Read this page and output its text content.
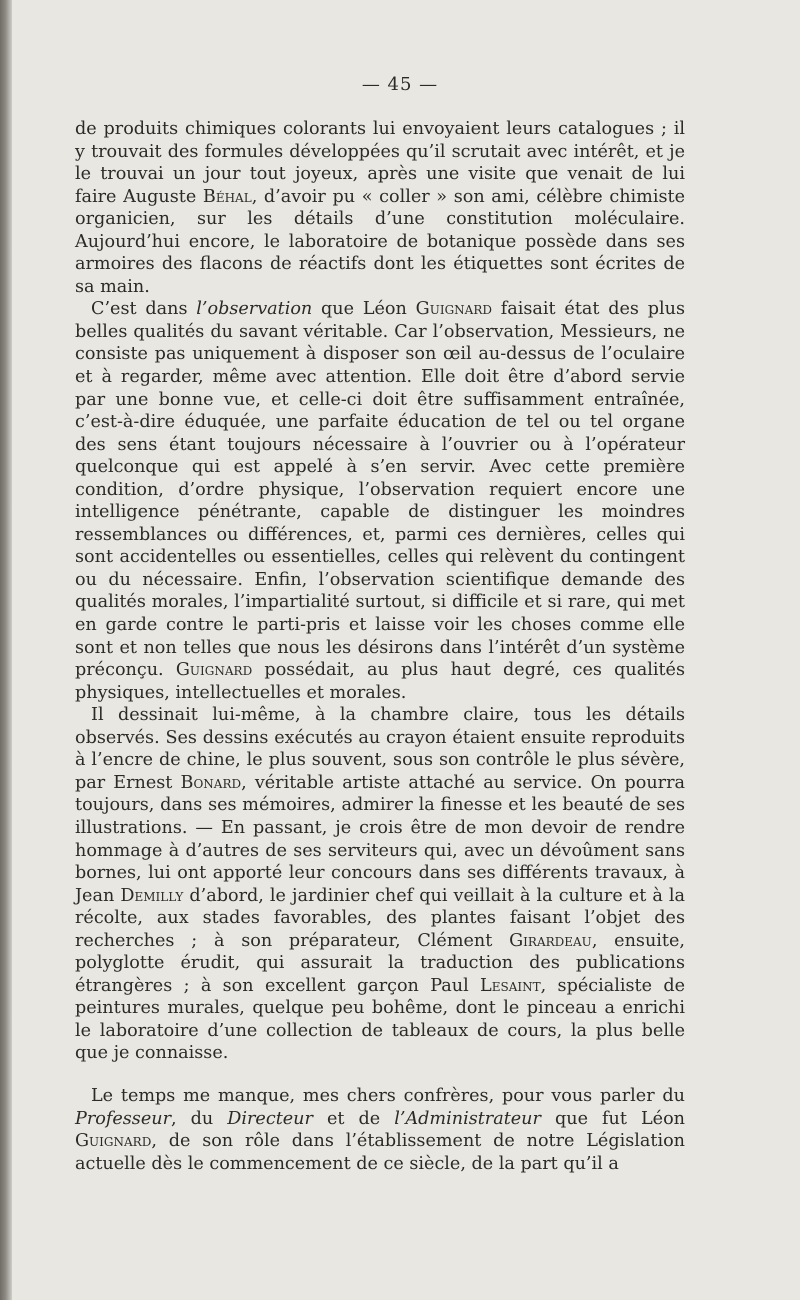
— 45 —

de produits chimiques colorants lui envoyaient leurs catalogues ; il y trouvait des formules développées qu’il scrutait avec intérêt, et je le trouvai un jour tout joyeux, après une visite que venait de lui faire Auguste Béhal, d’avoir pu « coller » son ami, célèbre chimiste organicien, sur les détails d’une constitution moléculaire. Aujourd’hui encore, le laboratoire de botanique possède dans ses armoires des flacons de réactifs dont les étiquettes sont écrites de sa main.

C’est dans l’observation que Léon Guignard faisait état des plus belles qualités du savant véritable. Car l’observation, Messieurs, ne consiste pas uniquement à disposer son œil au-dessus de l’oculaire et à regarder, même avec attention. Elle doit être d’abord servie par une bonne vue, et celle-ci doit être suffisamment entraînée, c’est-à-dire éduquée, une parfaite éducation de tel ou tel organe des sens étant toujours nécessaire à l’ouvrier ou à l’opérateur quelconque qui est appelé à s’en servir. Avec cette première condition, d’ordre physique, l’observation requiert encore une intelligence pénétrante, capable de distinguer les moindres ressemblances ou différences, et, parmi ces dernières, celles qui sont accidentelles ou essentielles, celles qui relèvent du contingent ou du nécessaire. Enfin, l’observation scientifique demande des qualités morales, l’impartialité surtout, si difficile et si rare, qui met en garde contre le parti-pris et laisse voir les choses comme elle sont et non telles que nous les désirons dans l’intérêt d’un système préconçu. Guignard possédait, au plus haut degré, ces qualités physiques, intellectuelles et morales.

Il dessinait lui-même, à la chambre claire, tous les détails observés. Ses dessins exécutés au crayon étaient ensuite reproduits à l’encre de chine, le plus souvent, sous son contrôle le plus sévère, par Ernest Bonard, véritable artiste attaché au service. On pourra toujours, dans ses mémoires, admirer la finesse et les beauté de ses illustrations. — En passant, je crois être de mon devoir de rendre hommage à d’autres de ses serviteurs qui, avec un dévoûment sans bornes, lui ont apporté leur concours dans ses différents travaux, à Jean Demilly d’abord, le jardinier chef qui veillait à la culture et à la récolte, aux stades favorables, des plantes faisant l’objet des recherches ; à son préparateur, Clément Girardeau, ensuite, polyglotte érudit, qui assurait la traduction des publications étrangères ; à son excellent garçon Paul Lesaint, spécialiste de peintures murales, quelque peu bohême, dont le pinceau a enrichi le laboratoire d’une collection de tableaux de cours, la plus belle que je connaisse.

Le temps me manque, mes chers confrères, pour vous parler du Professeur, du Directeur et de l’Administrateur que fut Léon Guignard, de son rôle dans l’établissement de notre Législation actuelle dès le commencement de ce siècle, de la part qu’il a
